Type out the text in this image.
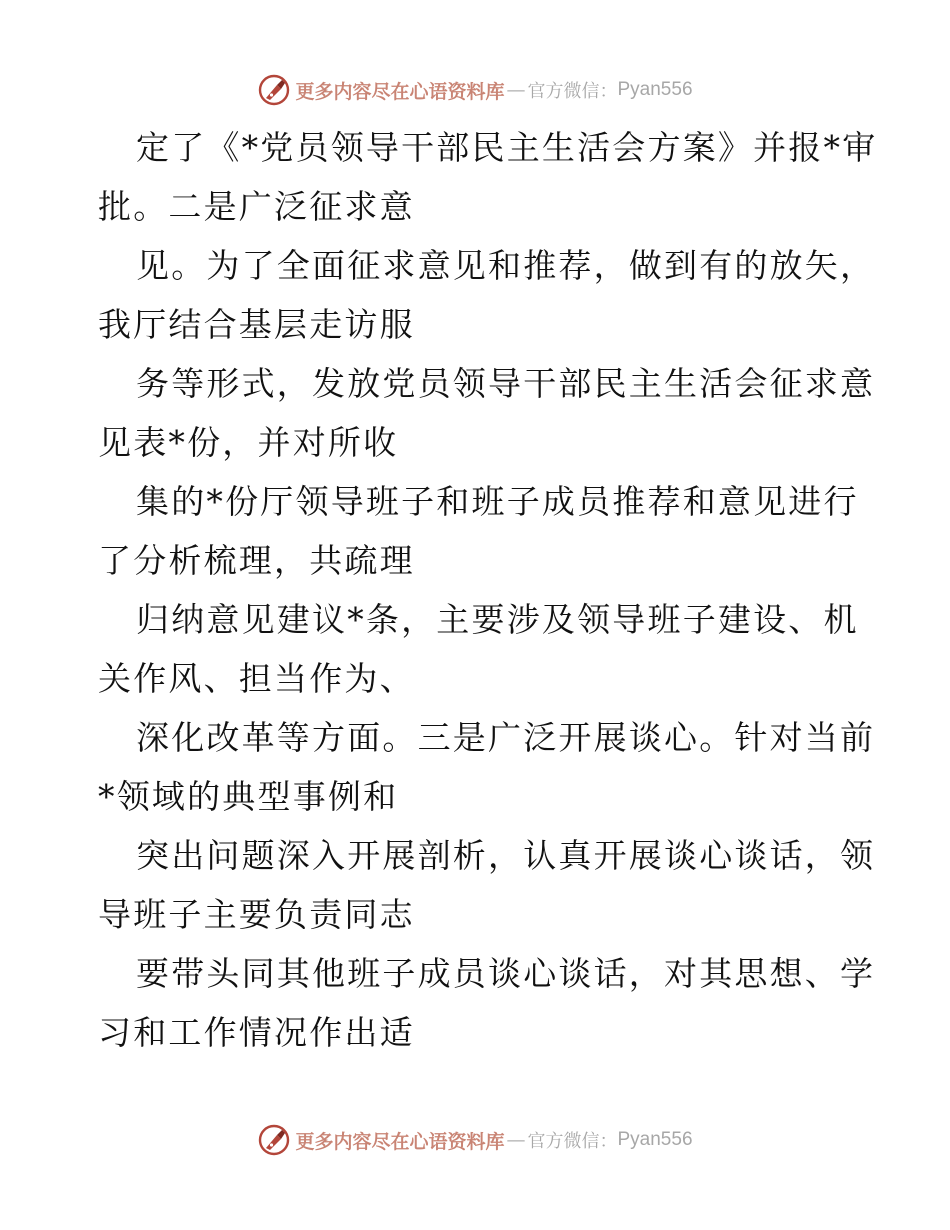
更多内容尽在心语资料库 — 官方微信： Pyan556
定了《*党员领导干部民主生活会方案》并报*审
批。二是广泛征求意
见。为了全面征求意见和推荐，做到有的放矢，
我厅结合基层走访服
务等形式，发放党员领导干部民主生活会征求意
见表*份，并对所收
集的*份厅领导班子和班子成员推荐和意见进行
了分析梳理，共疏理
归纳意见建议*条，主要涉及领导班子建设、机
关作风、担当作为、
深化改革等方面。三是广泛开展谈心。针对当前
*领域的典型事例和
突出问题深入开展剖析，认真开展谈心谈话，领
导班子主要负责同志
要带头同其他班子成员谈心谈话，对其思想、学
习和工作情况作出适
更多内容尽在心语资料库 — 官方微信： Pyan556
